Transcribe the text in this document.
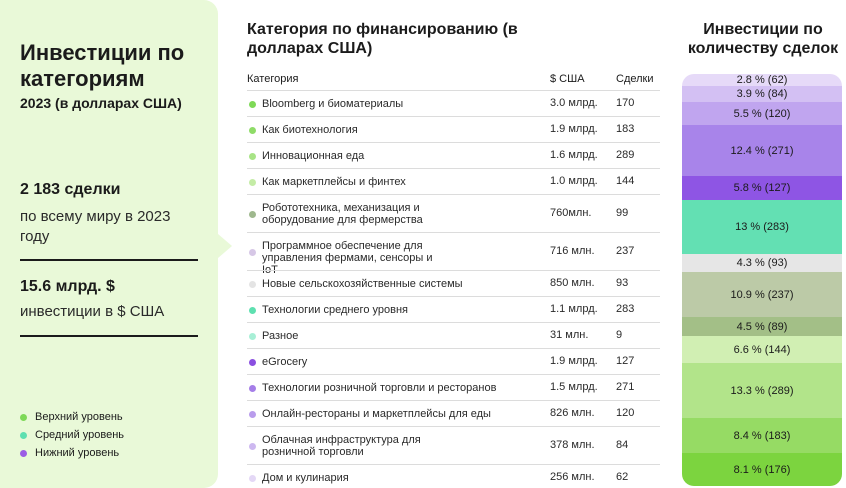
Инвестиции по категориям
2023 (в долларах США)
2 183 сделки
по всему миру в 2023 году
15.6 млрд. $
инвестиции в $ США
Верхний уровень
Средний уровень
Нижний уровень
Категория по финансированию (в долларах США)
Категория	$ США	Сделки
Bloomberg и биоматериалы	3.0 млрд. 170
Как биотехнология	1.9 млрд. 183
Инновационная еда	1.6 млрд. 289
Как маркетплейсы и финтех	1.0 млрд. 144
Робототехника, механизация и оборудование для фермерства
760млн. 99
Программное обеспечение для управления фермами, сенсоры и IoT
716 млн. 237
Новые сельскохозяйственные системы	850 млн. 93
Технологии среднего уровня	1.1 млрд. 283
Разное	31 млн.	9
eGrocery	1.9 млрд. 127
Технологии розничной торговли и ресторанов	1.5 млрд. 271
Онлайн-рестораны и маркетплейсы для еды	826 млн. 120
Облачная инфраструктура для розничной торговли
378 млн. 84
Дом и кулинария	256 млн. 62
Инвестиции по количеству сделок
2.8 % (62)
3.9 % (84)
5.5 % (120)
12.4 % (271)
5.8 % (127)
13 % (283)
4.3 % (93)
10.9 % (237)
4.5 % (89)
6.6 % (144)
13.3 % (289)
8.4 % (183)
8.1 % (176)
